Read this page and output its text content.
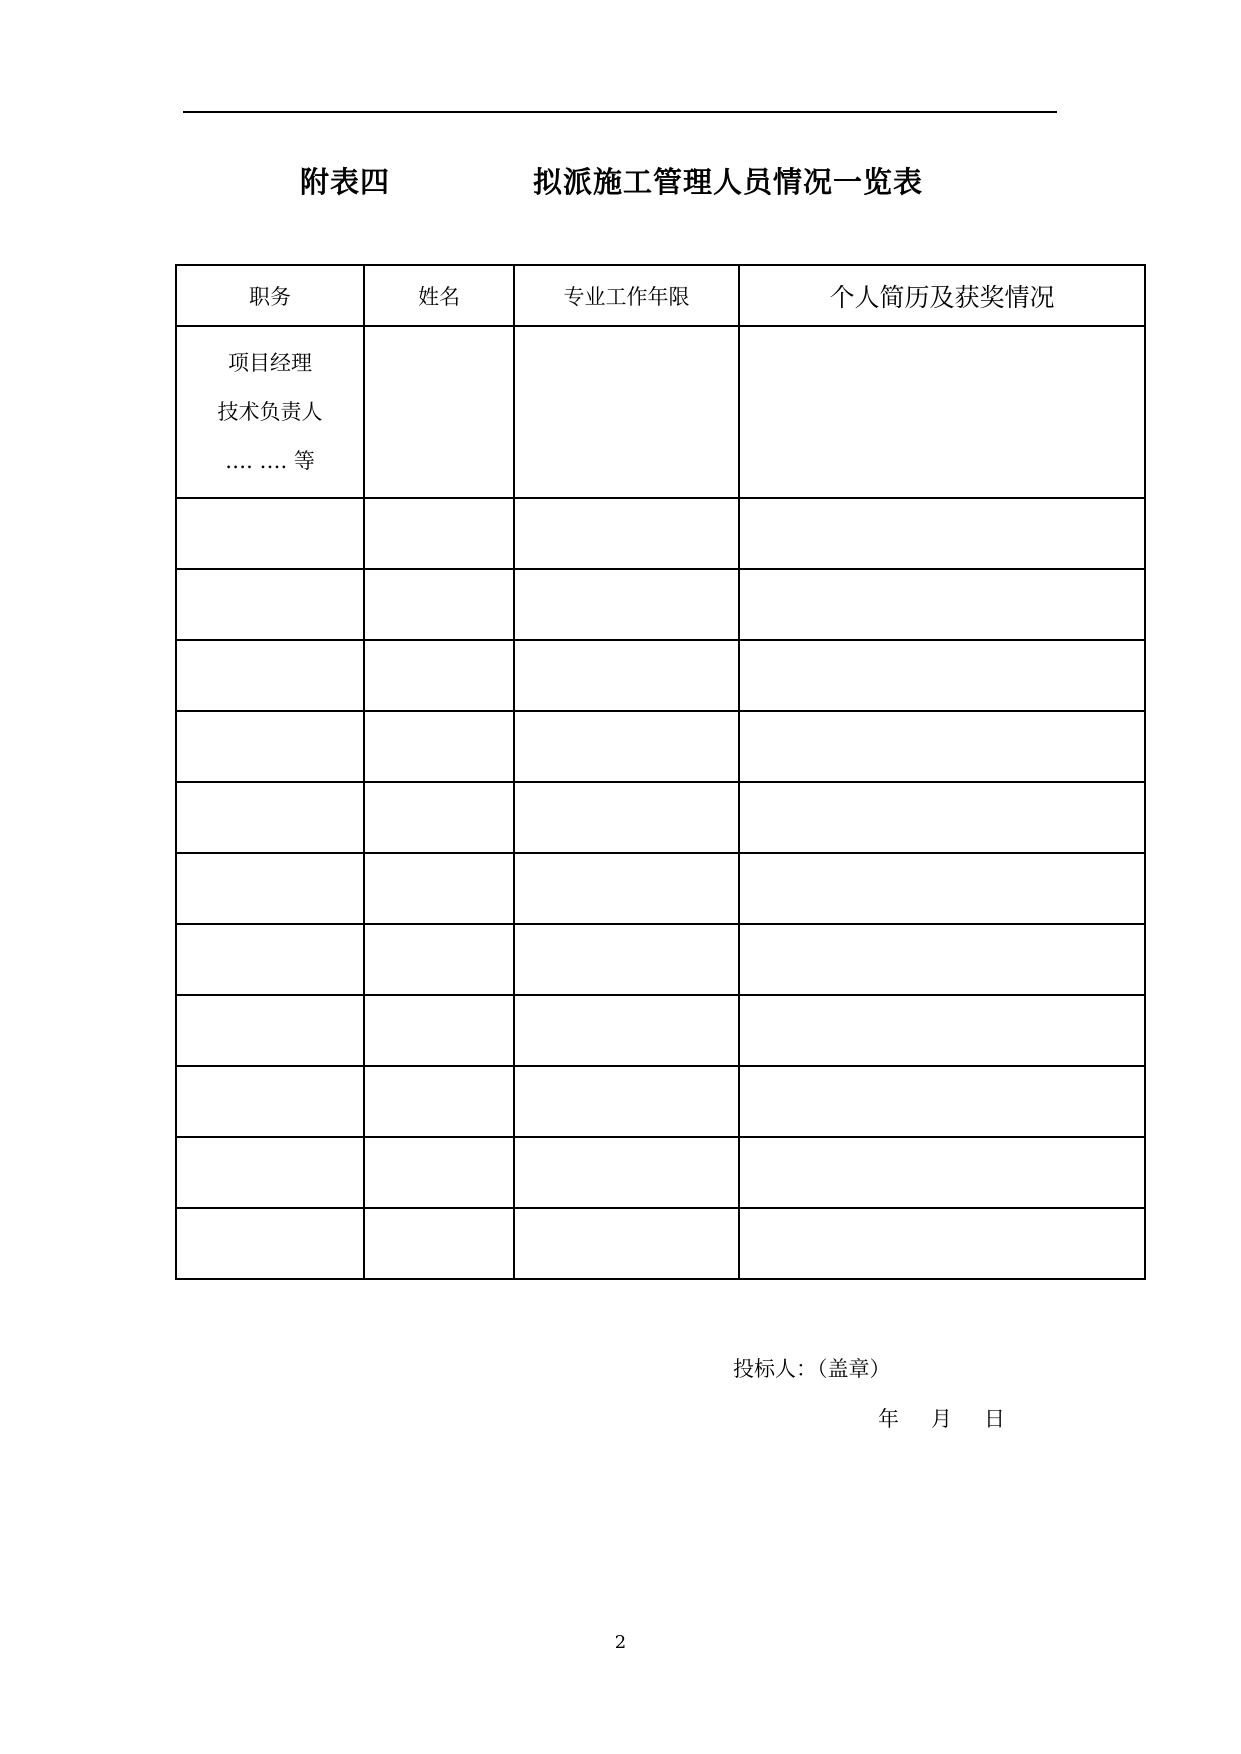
附表四	拟派施工管理人员情况一览表
职务	姓名	专业工作年限	个人简历及获奖情况

项目经理
技术负责人
…. …. 等			

投标人：（盖章）
年 月 日
2
